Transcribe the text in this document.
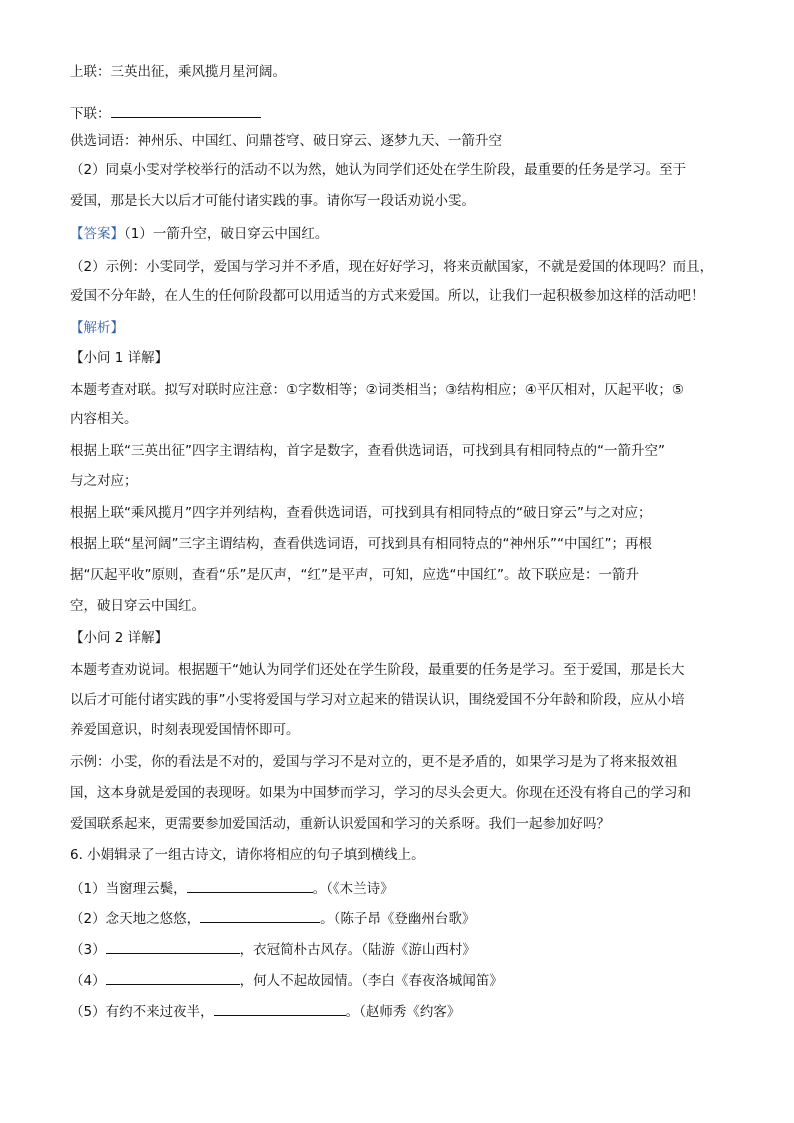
上联：三英出征，乘风揽月星河阔。
下联：
供选词语：神州乐、中国红、问鼎苍穹、破日穿云、逐梦九天、一箭升空
（2）同桌小雯对学校举行的活动不以为然，她认为同学们还处在学生阶段，最重要的任务是学习。至于
爱国，那是长大以后才可能付诸实践的事。请你写一段话劝说小雯。
【答案】（1）一箭升空，破日穿云中国红。
（2）示例：小雯同学，爱国与学习并不矛盾，现在好好学习，将来贡献国家，不就是爱国的体现吗？而且，
爱国不分年龄，在人生的任何阶段都可以用适当的方式来爱国。所以，让我们一起积极参加这样的活动吧！
【解析】
【小问 1 详解】
本题考查对联。拟写对联时应注意：①字数相等；②词类相当；③结构相应；④平仄相对，仄起平收；⑤
内容相关。
根据上联“三英出征”四字主谓结构，首字是数字，查看供选词语，可找到具有相同特点的“一箭升空”
与之对应；
根据上联“乘风揽月”四字并列结构，查看供选词语，可找到具有相同特点的“破日穿云”与之对应；
根据上联“星河阔”三字主谓结构，查看供选词语，可找到具有相同特点的“神州乐”“中国红”；再根
据“仄起平收”原则，查看“乐”是仄声，“红”是平声，可知，应选“中国红”。故下联应是：一箭升
空，破日穿云中国红。
【小问 2 详解】
本题考查劝说词。根据题干“她认为同学们还处在学生阶段，最重要的任务是学习。至于爱国，那是长大
以后才可能付诸实践的事”小雯将爱国与学习对立起来的错误认识，围绕爱国不分年龄和阶段，应从小培
养爱国意识，时刻表现爱国情怀即可。
示例：小雯，你的看法是不对的，爱国与学习不是对立的，更不是矛盾的，如果学习是为了将来报效祖
国，这本身就是爱国的表现呀。如果为中国梦而学习，学习的尽头会更大。你现在还没有将自己的学习和
爱国联系起来，更需要参加爱国活动，重新认识爱国和学习的关系呀。我们一起参加好吗？
6. 小娟辑录了一组古诗文，请你将相应的句子填到横线上。
（1）当窗理云鬓，	。（《木兰诗》
（2）念天地之悠悠，	。（陈子昂《登幽州台歌》
（3）	，衣冠简朴古风存。（陆游《游山西村》
（4）	，何人不起故园情。（李白《春夜洛城闻笛》
（5）有约不来过夜半，	。（赵师秀《约客》
